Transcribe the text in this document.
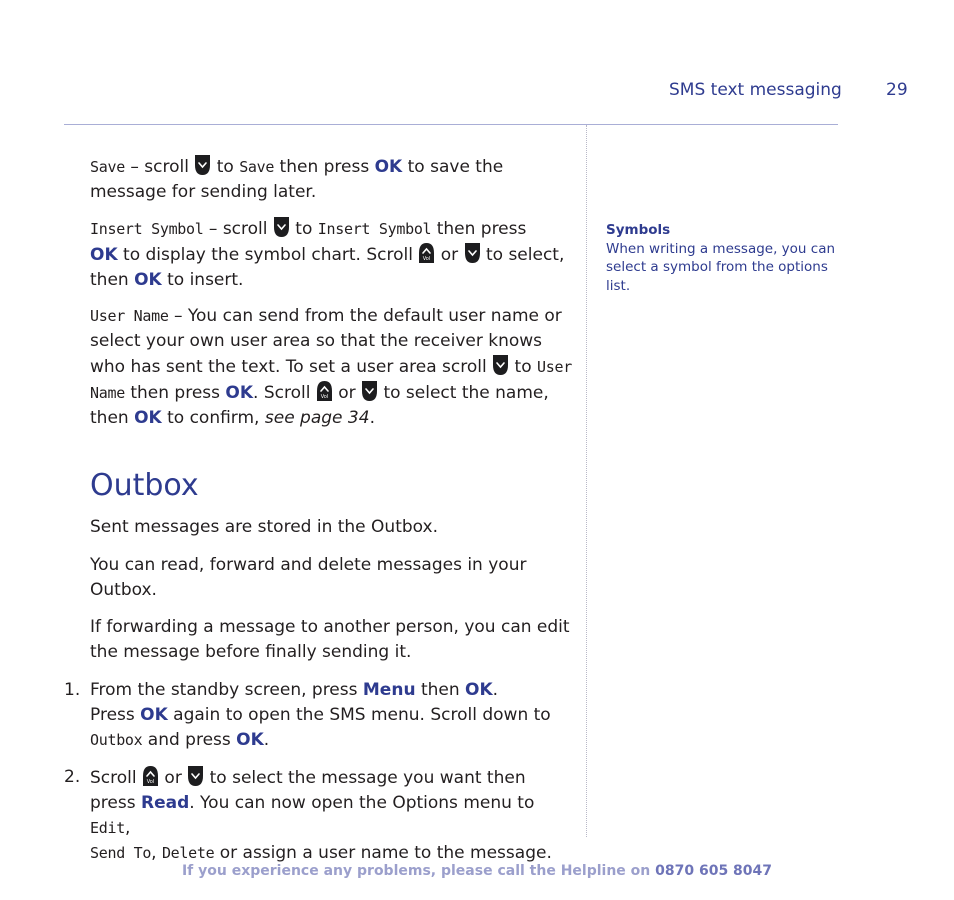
SMS text messaging	29

Save – scroll
to Save then press OK to save the message for sending later.

Insert Symbol – scroll
to Insert Symbol then press
OK to display the symbol chart. Scroll Vol or
to select, then OK to insert.

User Name – You can send from the default user name or select your own user area so that the receiver knows who has sent the text. To set a user area scroll
to User Name then press OK. Scroll Vol or
to select the name, then OK to confirm, see page 34.

Outbox

Sent messages are stored in the Outbox.

You can read, forward and delete messages in your Outbox.

If forwarding a message to another person, you can edit the message before finally sending it.

1. From the standby screen, press Menu then OK.
Press OK again to open the SMS menu. Scroll down to Outbox and press OK.
2. Scroll Vol or
to select the message you want then press Read. You can now open the Options menu to Edit,
Send To, Delete or assign a user name to the message.
Symbols
When writing a message, you can select a symbol from the options list.
If you experience any problems, please call the Helpline on 0870 605 8047
